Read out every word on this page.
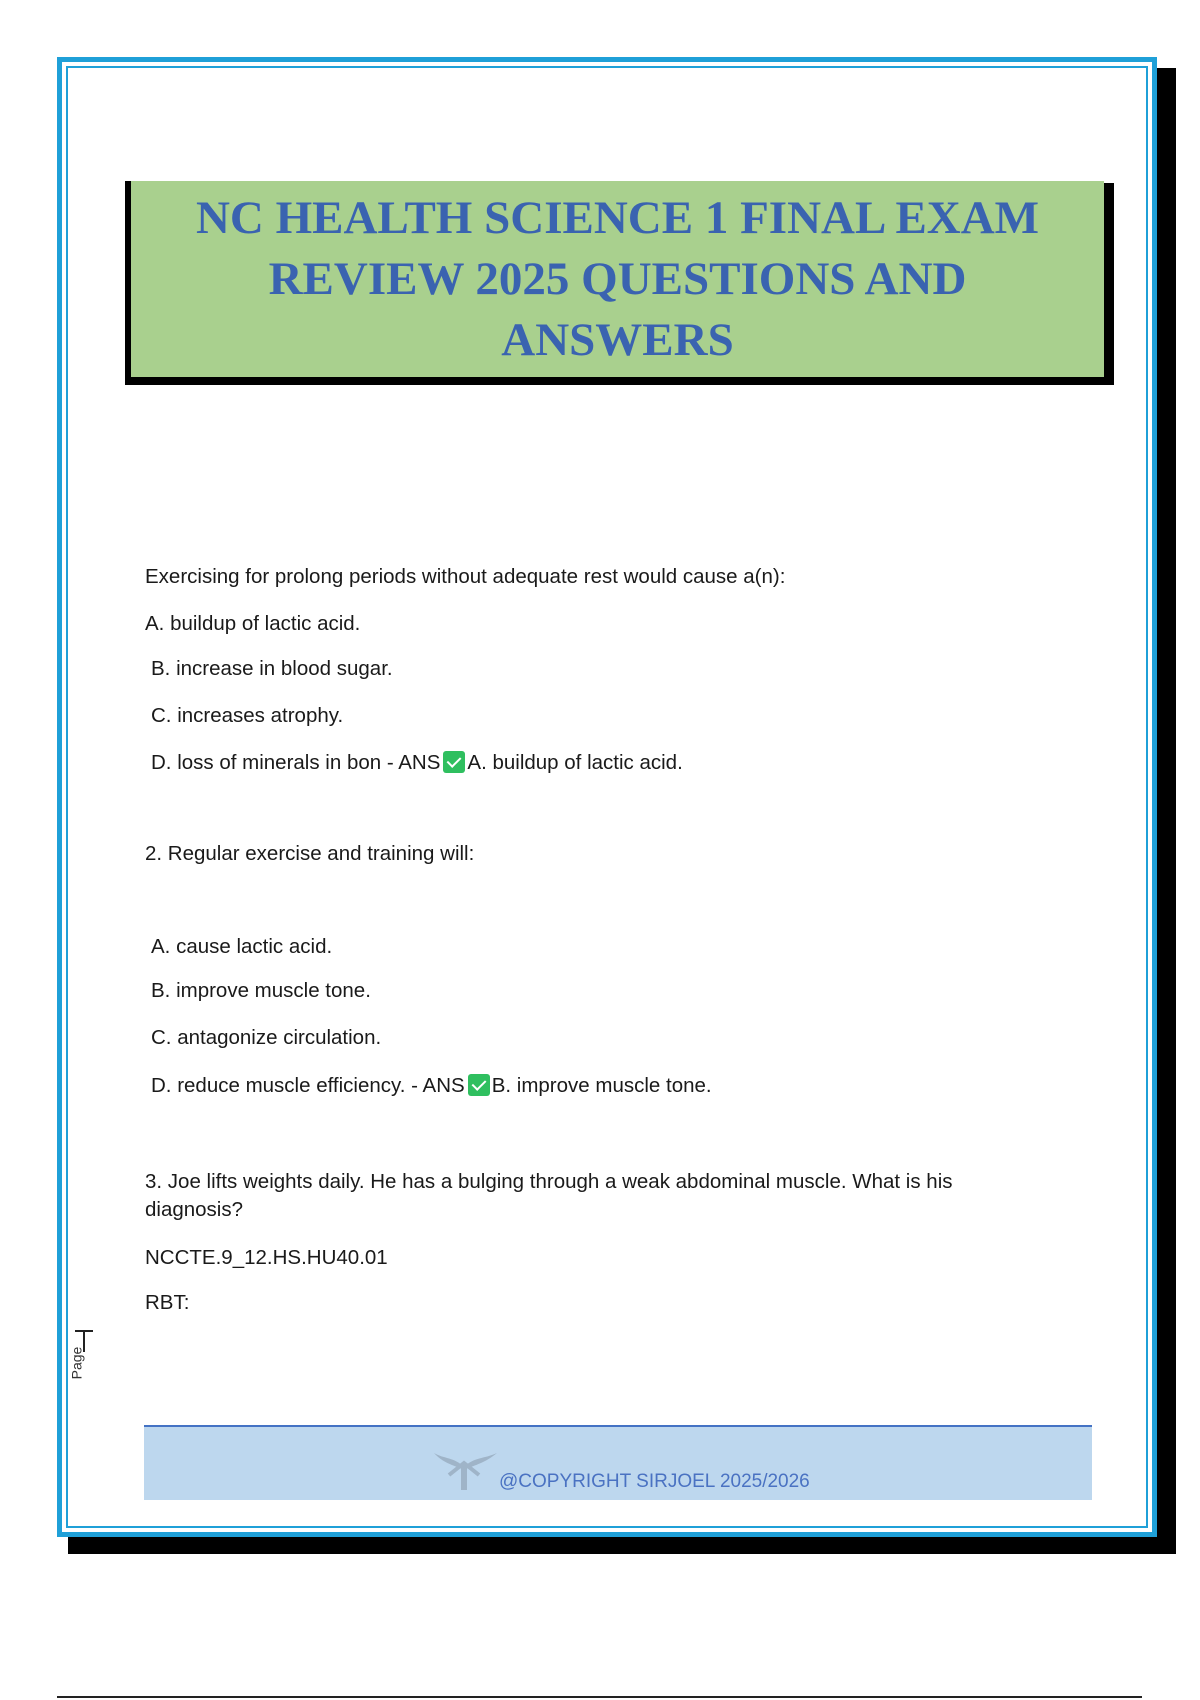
NC HEALTH SCIENCE 1 FINAL EXAM REVIEW 2025 QUESTIONS AND ANSWERS
Exercising for prolong periods without adequate rest would cause a(n):
A. buildup of lactic acid.
B. increase in blood sugar.
C. increases atrophy.
D. loss of minerals in bon - ANS A. buildup of lactic acid.
2. Regular exercise and training will:
A. cause lactic acid.
B. improve muscle tone.
C. antagonize circulation.
D. reduce muscle efficiency. - ANS B. improve muscle tone.
3. Joe lifts weights daily. He has a bulging through a weak abdominal muscle. What is his diagnosis?
NCCTE.9_12.HS.HU40.01
RBT:
Page
@COPYRIGHT SIRJOEL 2025/2026
